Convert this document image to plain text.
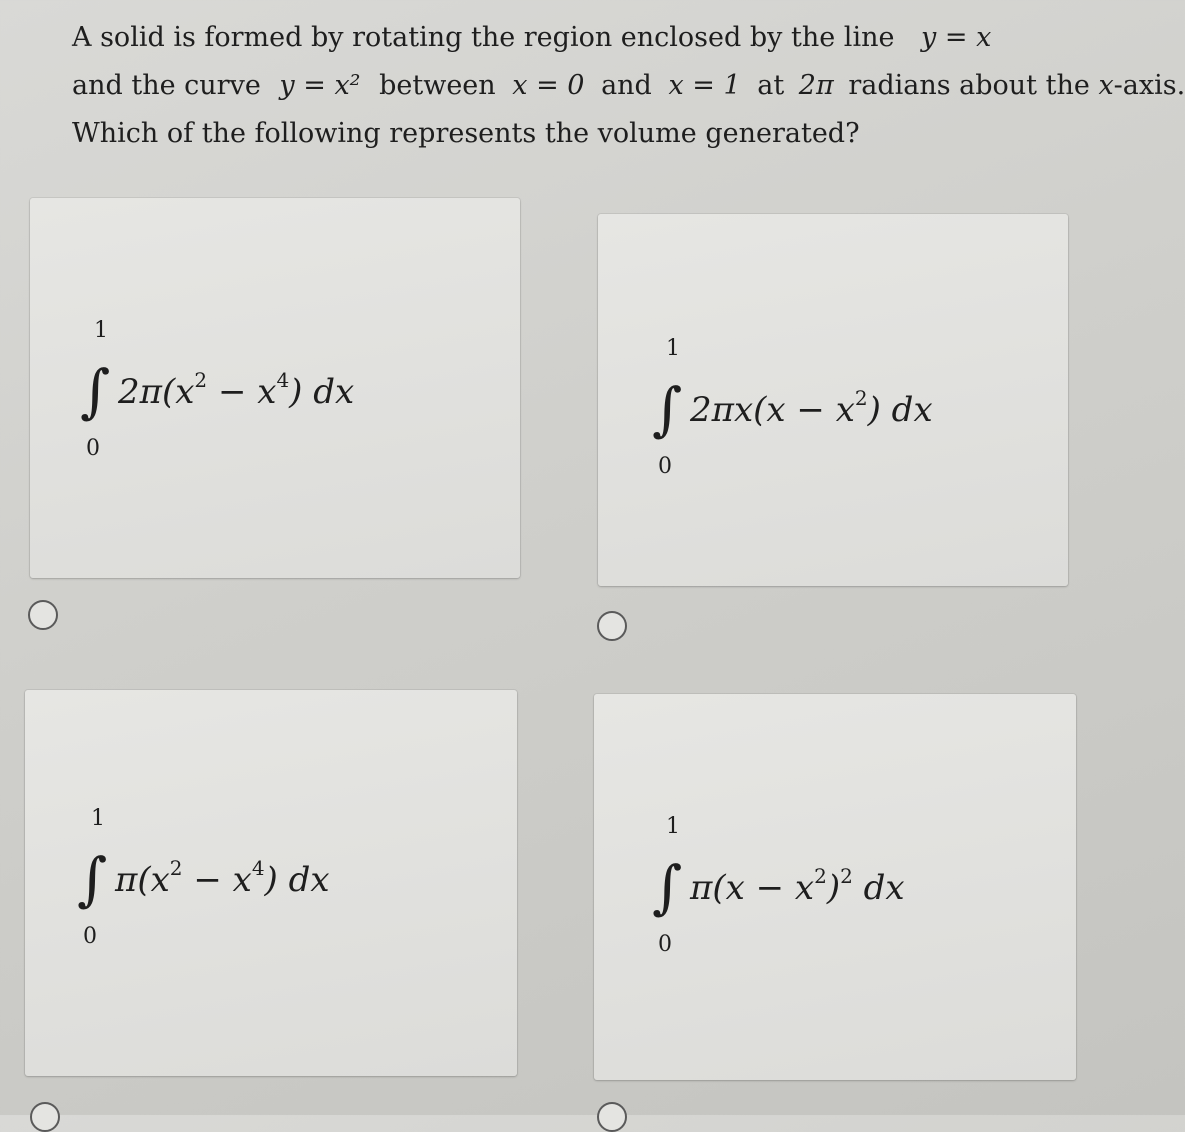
A solid is formed by rotating the region enclosed by the line y = x
and the curve y = x² between x = 0 and x = 1 at 2π radians about the x-axis.
Which of the following represents the volume generated?
∫
1
0
$2\pi(x^2 - x^4)$ dx	∫
1
0
$2\pi x(x - x^2)$ dx
∫
1
0
$\pi(x^2 - x^4)$ dx	∫
1
0
$\pi(x - x^2)^2$ dx
